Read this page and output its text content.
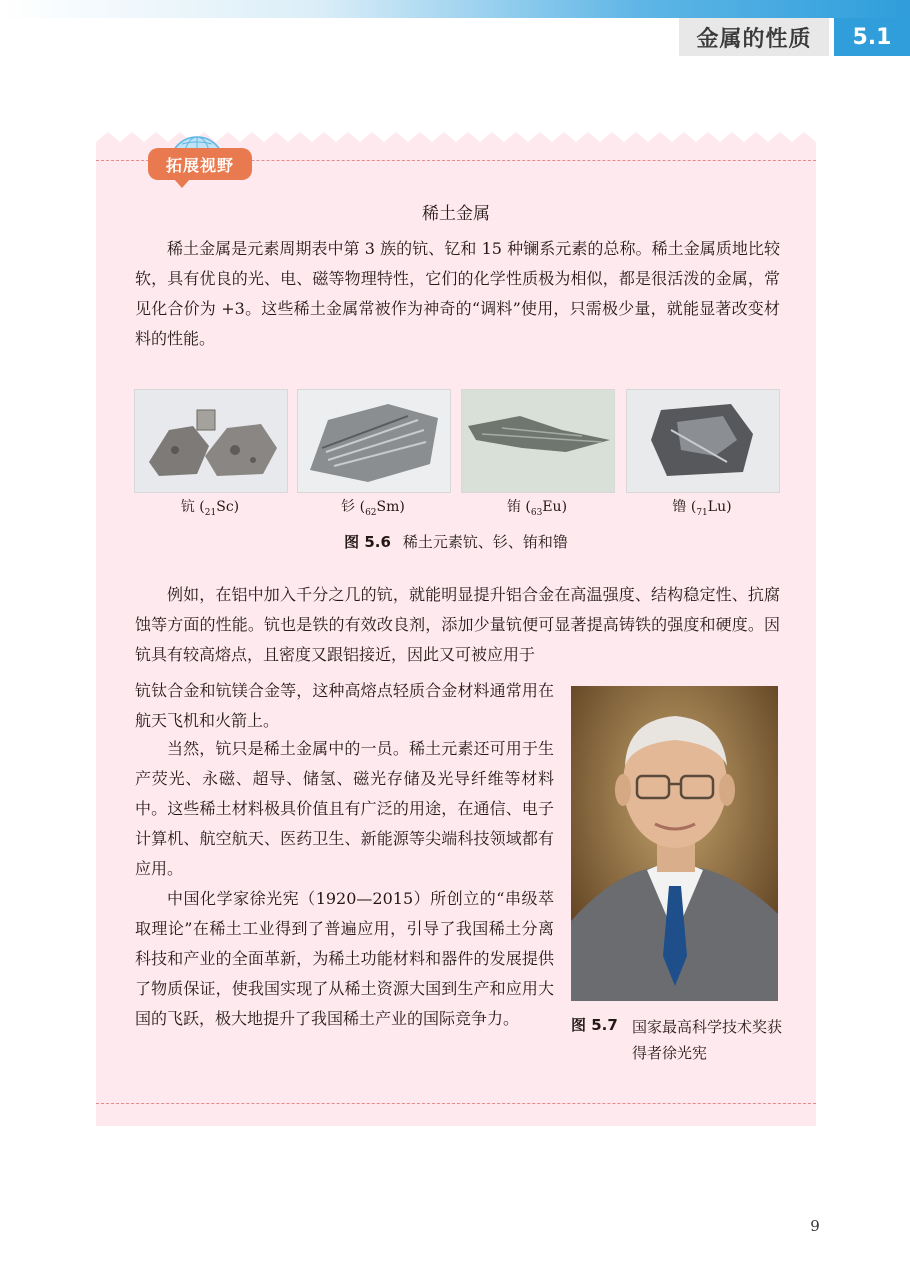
金属的性质	5.1
拓展视野
稀土金属

稀土金属是元素周期表中第 3 族的钪、钇和 15 种镧系元素的总称。稀土金属质地比较软，具有优良的光、电、磁等物理特性，它们的化学性质极为相似，都是很活泼的金属，常见化合价为 +3。这些稀土金属常被作为神奇的“调料”使用，只需极少量，就能显著改变材料的性能。

钪 $(_{21}Sc)$	钐 $(_{62}Sm)$	铕 $(_{63}Eu)$	镥 $(_{71}Lu)$
图 5.6 稀土元素钪、钐、铕和镥

例如，在铝中加入千分之几的钪，就能明显提升铝合金在高温强度、结构稳定性、抗腐蚀等方面的性能。钪也是铁的有效改良剂，添加少量钪便可显著提高铸铁的强度和硬度。因钪具有较高熔点，且密度又跟铝接近，因此又可被应用于

钪钛合金和钪镁合金等，这种高熔点轻质合金材料通常用在航天飞机和火箭上。

当然，钪只是稀土金属中的一员。稀土元素还可用于生产荧光、永磁、超导、储氢、磁光存储及光导纤维等材料中。这些稀土材料极具价值且有广泛的用途，在通信、电子计算机、航空航天、医药卫生、新能源等尖端科技领域都有应用。

中国化学家徐光宪（1920—2015）所创立的“串级萃取理论”在稀土工业得到了普遍应用，引导了我国稀土分离科技和产业的全面革新，为稀土功能材料和器件的发展提供了物质保证，使我国实现了从稀土资源大国到生产和应用大国的飞跃，极大地提升了我国稀土产业的国际竞争力。	图 5.7 国家最高科学技术奖获得者徐光宪
9
